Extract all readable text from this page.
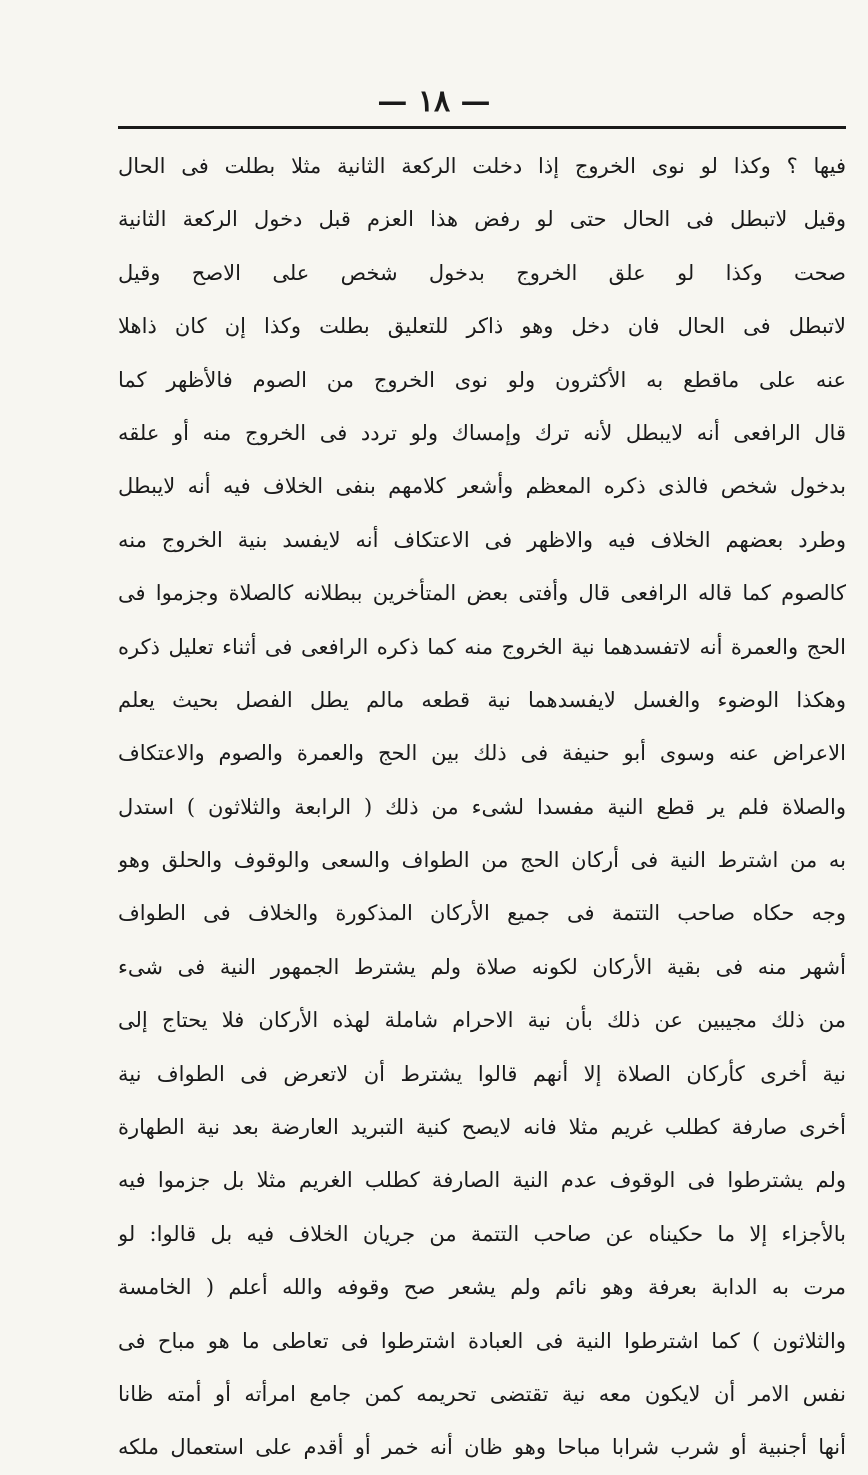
— ١٨ —
فيها ؟ وكذا لو نوى الخروج إذا دخلت الركعة الثانية مثلا بطلت فى الحال
وقيل لاتبطل فى الحال حتى لو رفض هذا العزم قبل دخول الركعة الثانية
صحت وكذا لو علق الخروج بدخول شخص على الاصح وقيل
لاتبطل فى الحال فان دخل وهو ذاكر للتعليق بطلت وكذا إن كان ذاهلا
عنه على ماقطع به الأكثرون ولو نوى الخروج من الصوم فالأظهر كما
قال الرافعى أنه لايبطل لأنه ترك وإمساك ولو تردد فى الخروج منه أو علقه
بدخول شخص فالذى ذكره المعظم وأشعر كلامهم بنفى الخلاف فيه أنه لايبطل
وطرد بعضهم الخلاف فيه والاظهر فى الاعتكاف أنه لايفسد بنية الخروج منه
كالصوم كما قاله الرافعى قال وأفتى بعض المتأخرين ببطلانه كالصلاة وجزموا فى
الحج والعمرة أنه لاتفسدهما نية الخروج منه كما ذكره الرافعى فى أثناء تعليل ذكره
وهكذا الوضوء والغسل لايفسدهما نية قطعه مالم يطل الفصل بحيث يعلم
الاعراض عنه وسوى أبو حنيفة فى ذلك بين الحج والعمرة والصوم والاعتكاف
والصلاة فلم ير قطع النية مفسدا لشىء من ذلك ( الرابعة والثلاثون ) استدل
به من اشترط النية فى أركان الحج من الطواف والسعى والوقوف والحلق وهو
وجه حكاه صاحب التتمة فى جميع الأركان المذكورة والخلاف فى الطواف
أشهر منه فى بقية الأركان لكونه صلاة ولم يشترط الجمهور النية فى شىء
من ذلك مجيبين عن ذلك بأن نية الاحرام شاملة لهذه الأركان فلا يحتاج إلى
نية أخرى كأركان الصلاة إلا أنهم قالوا يشترط أن لاتعرض فى الطواف نية
أخرى صارفة كطلب غريم مثلا فانه لايصح كنية التبريد العارضة بعد نية الطهارة
ولم يشترطوا فى الوقوف عدم النية الصارفة كطلب الغريم مثلا بل جزموا فيه
بالأجزاء إلا ما حكيناه عن صاحب التتمة من جريان الخلاف فيه بل قالوا: لو
مرت به الدابة بعرفة وهو نائم ولم يشعر صح وقوفه والله أعلم ( الخامسة
والثلاثون ) كما اشترطوا النية فى العبادة اشترطوا فى تعاطى ما هو مباح فى
نفس الامر أن لايكون معه نية تقتضى تحريمه كمن جامع امرأته أو أمته ظانا
أنها أجنبية أو شرب شرابا مباحا وهو ظان أنه خمر أو أقدم على استعمال ملكه
